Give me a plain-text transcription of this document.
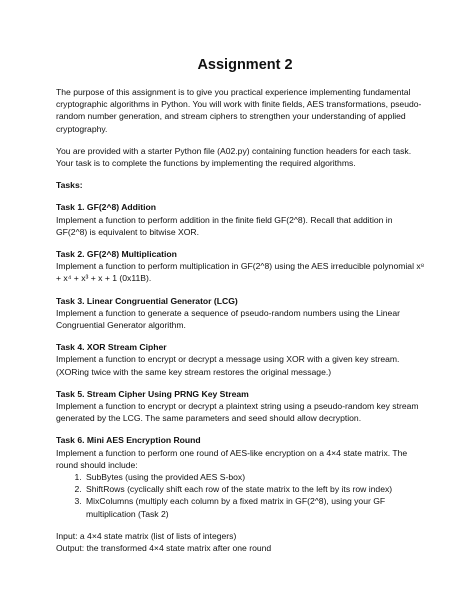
Assignment 2

The purpose of this assignment is to give you practical experience implementing fundamental cryptographic algorithms in Python. You will work with finite fields, AES transformations, pseudo-random number generation, and stream ciphers to strengthen your understanding of applied cryptography.

You are provided with a starter Python file (A02.py) containing function headers for each task. Your task is to complete the functions by implementing the required algorithms.

Tasks:
Task 1. GF(2^8) Addition
Implement a function to perform addition in the finite field GF(2^8). Recall that addition in GF(2^8) is equivalent to bitwise XOR.
Task 2. GF(2^8) Multiplication
Implement a function to perform multiplication in GF(2^8) using the AES irreducible polynomial x⁸ + x⁴ + x³ + x + 1 (0x11B).
Task 3. Linear Congruential Generator (LCG)
Implement a function to generate a sequence of pseudo-random numbers using the Linear Congruential Generator algorithm.
Task 4. XOR Stream Cipher
Implement a function to encrypt or decrypt a message using XOR with a given key stream. (XORing twice with the same key stream restores the original message.)
Task 5. Stream Cipher Using PRNG Key Stream
Implement a function to encrypt or decrypt a plaintext string using a pseudo-random key stream generated by the LCG. The same parameters and seed should allow decryption.
Task 6. Mini AES Encryption Round
Implement a function to perform one round of AES-like encryption on a 4×4 state matrix. The round should include:
1. SubBytes (using the provided AES S-box)
2. ShiftRows (cyclically shift each row of the state matrix to the left by its row index)
3. MixColumns (multiply each column by a fixed matrix in GF(2^8), using your GF multiplication (Task 2)
Input: a 4×4 state matrix (list of lists of integers)
Output: the transformed 4×4 state matrix after one round
